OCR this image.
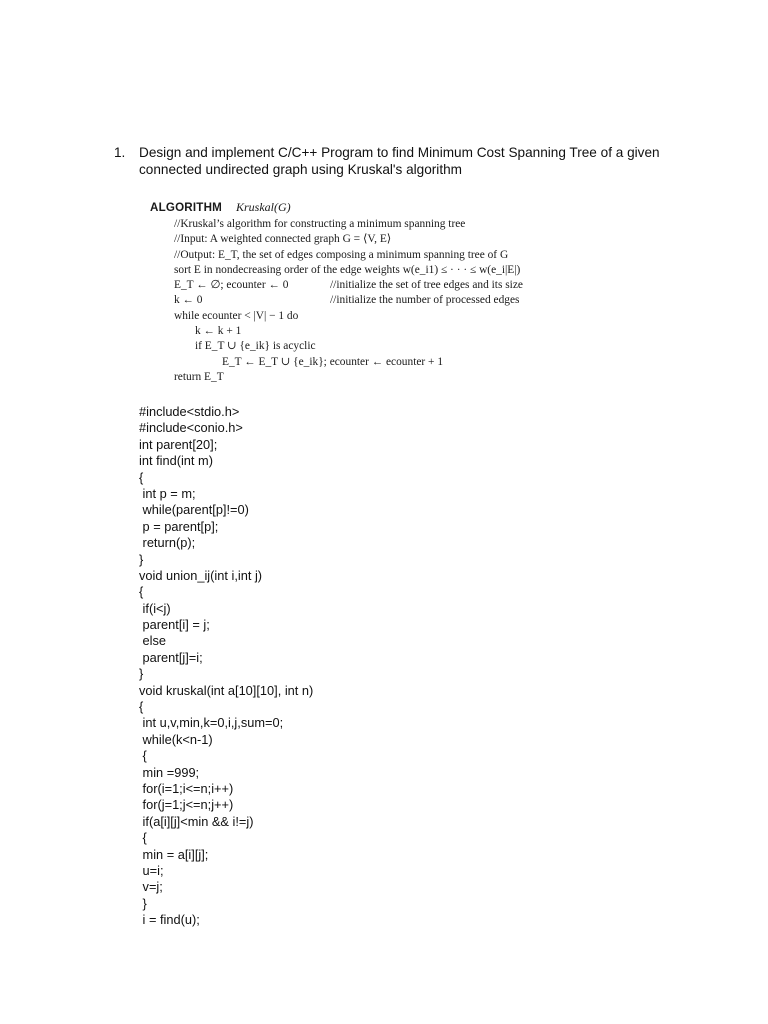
1. Design and implement C/C++ Program to find Minimum Cost Spanning Tree of a given connected undirected graph using Kruskal's algorithm
ALGORITHM Kruskal(G)
//Kruskal’s algorithm for constructing a minimum spanning tree
//Input: A weighted connected graph G = ⟨V, E⟩
//Output: E_T, the set of edges composing a minimum spanning tree of G
sort E in nondecreasing order of the edge weights w(e_i1) ≤ · · · ≤ w(e_i|E|)
E_T ← ∅; ecounter ← 0	//initialize the set of tree edges and its size
k ← 0	//initialize the number of processed edges
while ecounter < |V| − 1 do
k ← k + 1
if E_T ∪ {e_ik} is acyclic
E_T ← E_T ∪ {e_ik}; ecounter ← ecounter + 1
return E_T
#include<stdio.h>
#include<conio.h>
int parent[20];
int find(int m)
{
int p = m;
while(parent[p]!=0)
p = parent[p];
return(p);
}
void union_ij(int i,int j)
{
if(i<j)
parent[i] = j;
else
parent[j]=i;
}
void kruskal(int a[10][10], int n)
{
int u,v,min,k=0,i,j,sum=0;
while(k<n-1)
{
min =999;
for(i=1;i<=n;i++)
for(j=1;j<=n;j++)
if(a[i][j]<min && i!=j)
{
min = a[i][j];
u=i;
v=j;
}
i = find(u);
